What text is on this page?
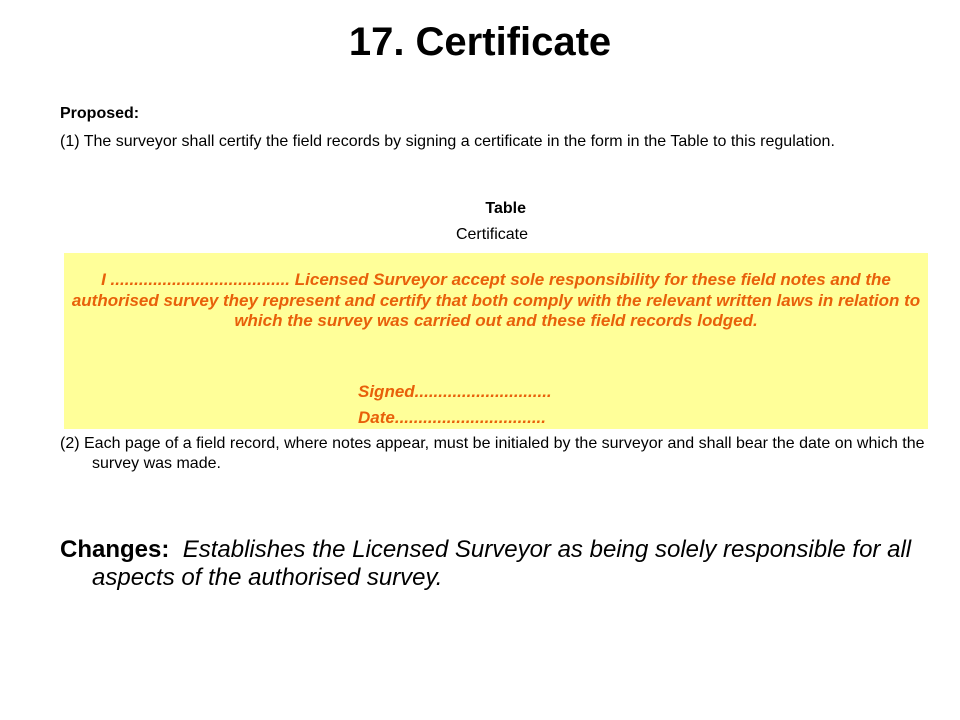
17. Certificate
Proposed:
(1) The surveyor shall certify the field records by signing a certificate in the form in the Table to this regulation.
Table
Certificate
I ...................................... Licensed Surveyor accept sole responsibility for these field notes and the authorised survey they represent and certify that both comply with the relevant written laws in relation to which the survey was carried out and these field records lodged.
Signed.............................
Date................................
(2) Each page of a field record, where notes appear, must be initialed by the surveyor and shall bear the date on which the survey was made.
Changes: Establishes the Licensed Surveyor as being solely responsible for all aspects of the authorised survey.
